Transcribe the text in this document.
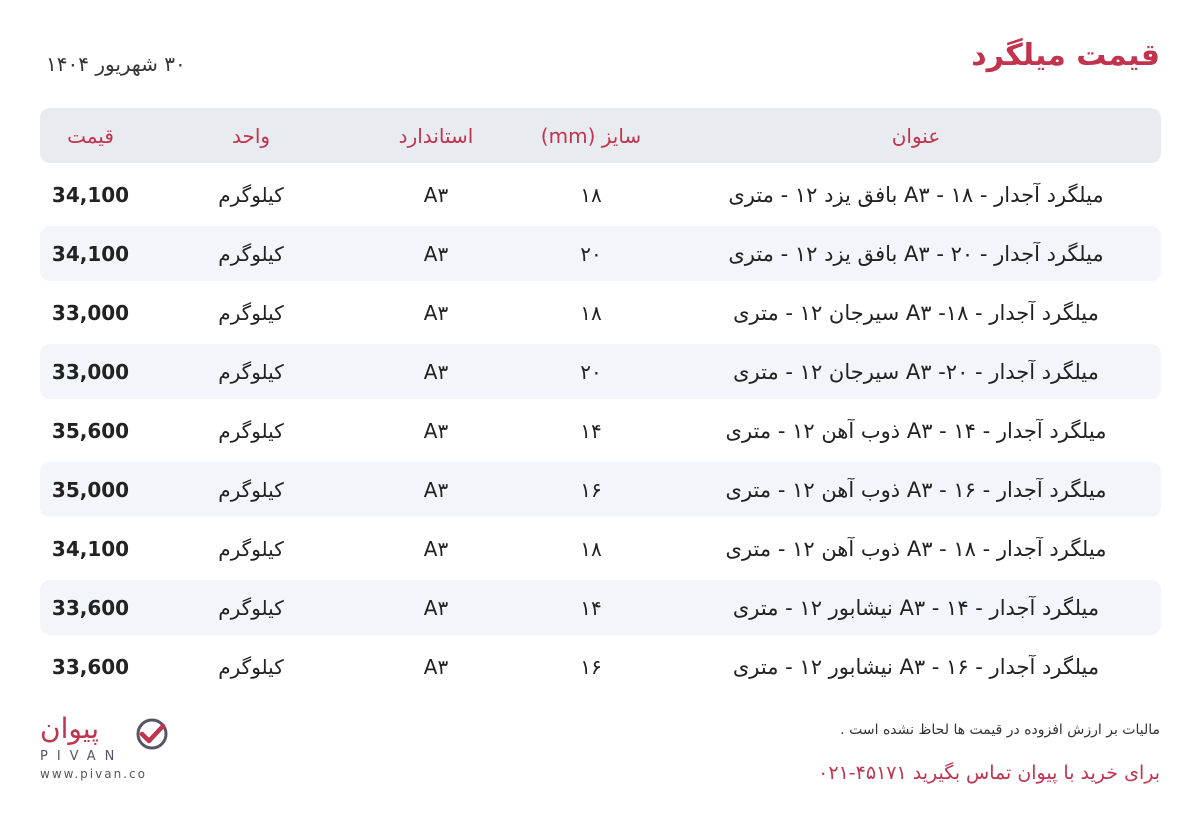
قیمت میلگرد
۳۰ شهریور ۱۴۰۴
عنوان
سایز (mm)
استاندارد
واحد
قیمت
میلگرد آجدار - A۳ - ۱۸ بافق یزد ۱۲ - متری
۱۸
A۳
کیلوگرم
34,100
میلگرد آجدار - A۳ - ۲۰ بافق یزد ۱۲ - متری
۲۰
A۳
کیلوگرم
34,100
میلگرد آجدار - A۳ -۱۸ سیرجان ۱۲ - متری
۱۸
A۳
کیلوگرم
33,000
میلگرد آجدار - A۳ -۲۰ سیرجان ۱۲ - متری
۲۰
A۳
کیلوگرم
33,000
میلگرد آجدار - A۳ - ۱۴ ذوب آهن ۱۲ - متری
۱۴
A۳
کیلوگرم
35,600
میلگرد آجدار - A۳ - ۱۶ ذوب آهن ۱۲ - متری
۱۶
A۳
کیلوگرم
35,000
میلگرد آجدار - A۳ - ۱۸ ذوب آهن ۱۲ - متری
۱۸
A۳
کیلوگرم
34,100
میلگرد آجدار - A۳ - ۱۴ نیشابور ۱۲ - متری
۱۴
A۳
کیلوگرم
33,600
میلگرد آجدار - A۳ - ۱۶ نیشابور ۱۲ - متری
۱۶
A۳
کیلوگرم
33,600
پیوان
PIVAN
www.pivan.co
مالیات بر ارزش افزوده در قیمت ها لحاظ نشده است .
برای خرید با پیوان تماس بگیرید ۴۵۱۷۱-۰۲۱
